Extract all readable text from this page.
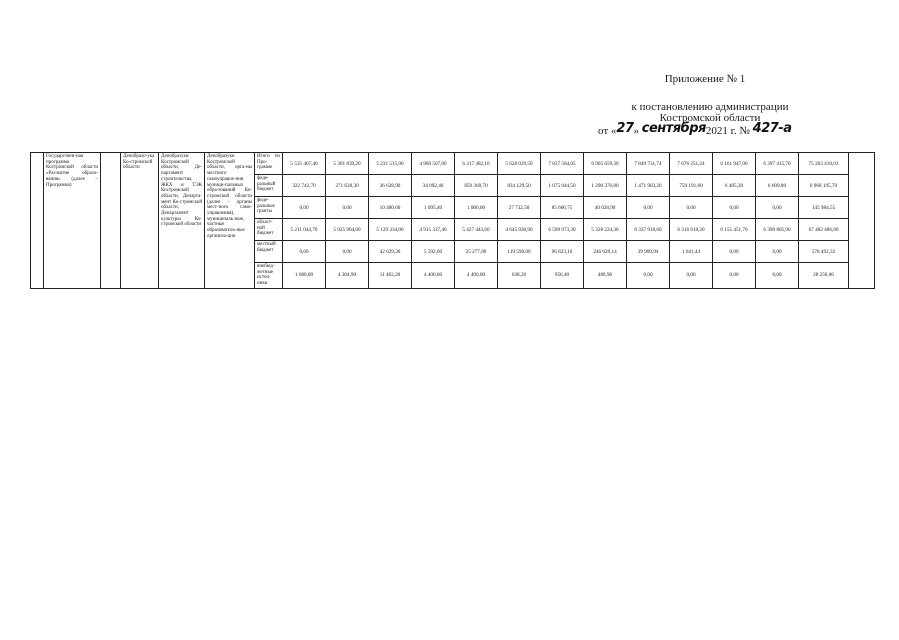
Приложение № 1
к постановлению администрации
Костромской области
от «27» сентября2021 г. № 427-а
	Государствен-ная программа Костромской области «Раз-витие образо-вания» (далее – Программа)		Депобразо-ука Ко-стромской области	Депобразуки Костромской области, Де-партамент строительства, ЖКХ и ТЭК Костромской области, Департа-мент Ко-стромской области, Департамент культуры Ко-стромской области	Депобразуки Костромской области, орга-ны местного самоуправле-ния муници-пальных обра-зований Ко-стромской области (далее – органы мест-ного само-управления), муниципаль-ные, частные образователь-ные организа-ции	Итого по Про-грамме	5 535 467,40	5 301 839,20	5 231 515,00	4 960 507,80	6 317 482,10	5 628 029,50	7 837 564,05	6 905 659,30	7 849 731,74	7 676 251,24	6 161 947,00	6 397 415,70	75 203 410,03	
						феде-ральный бюджет	322 742,70	271 630,30	36 628,90	34 092,40	859 360,70	834 129,50	1 075 044,50	1 290 376,80	1 471 903,20	759 191,60	6 485,30	6 609,80	6 968 195,70	
						феде-ральные гранты	0,00	0,00	10 480,60	1 095,40	1 000,00	27 732,50	85 666,75	40 028,90	0,00	0,00	0,00	0,00	145 984,55	
						област-ной бюджет	5 211 044,70	5 025 904,00	5 129 334,00	4 915 337,40	5 427 443,60	4 645 930,90	6 599 073,30	5 328 224,30	6 337 918,60	6 316 018,20	6 155 451,70	6 390 805,90	67 482 486,80	
						местный бюджет	0,00	0,00	42 629,30	5 592,60	25 277,80	119 598,00	96 823,10	246 620,14	39 909,94	1 041,44	0,00	0,00	578 492,32	
						внебюд-жетные источ-ники	1 680,00	4 304,90	11 462,20	4 400,00	4 400,00	638,20	956,40	408,96	0,00	0,00	0,00	0,00	28 250,66	
